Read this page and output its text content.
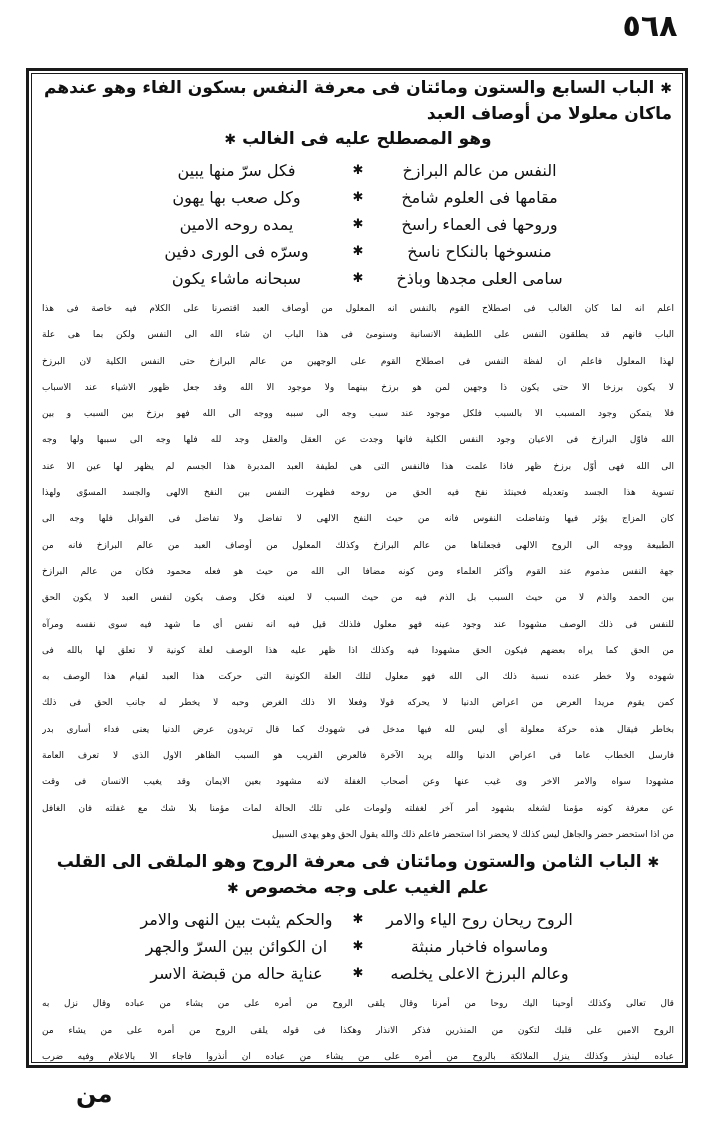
٥٦٨

✱ الباب السابع والستون ومائتان فى معرفة النفس بسكون الفاء وهو عندهم ماكان معلولا من أوصاف العبد

وهو المصطلح عليه فى الغالب ✱

النفس من عالم البرازخ
✱
فكل سرّ منها يبين
مقامها فى العلوم شامخ
✱
وكل صعب بها يهون
وروحها فى العماء راسخ
✱
يمده روحه الامين
منسوخها بالنكاح ناسخ
✱
وسرّه فى الورى دفين
سامى العلى مجدها وباذخ
✱
سبحانه ماشاء يكون
اعلم انه لما كان الغالب فى اصطلاح القوم بالنفس انه المعلول من أوصاف العبد اقتصرنا على الكلام فيه خاصة فى هذا
الباب فانهم قد يطلقون النفس على اللطيفة الانسانية وسنومئ فى هذا الباب ان شاء الله الى النفس ولكن بما هى علة
لهذا المعلول فاعلم ان لفظة النفس فى اصطلاح القوم على الوجهين من عالم البرازخ حتى النفس الكلية لان البرزخ
لا يكون برزخا الا حتى يكون ذا وجهين لمن هو برزخ بينهما ولا موجود الا الله وقد جعل ظهور الاشياء عند الاسباب
فلا يتمكن وجود المسبب الا بالسبب فلكل موجود عند سبب وجه الى سببه ووجه الى الله فهو برزخ بين السبب و بين
الله فاوّل البرازخ فى الاعيان وجود النفس الكلية فانها وجدت عن العقل والعقل وجد لله فلها وجه الى سببها ولها وجه
الى الله فهى أوّل برزخ ظهر فاذا علمت هذا فالنفس التى هى لطيفة العبد المدبرة هذا الجسم لم يظهر لها عين الا عند
تسوية هذا الجسد وتعديله فحينئذ نفخ فيه الحق من روحه فظهرت النفس بين النفخ الالهى والجسد المسوّى ولهذا
كان المزاج يؤثر فيها وتفاضلت النفوس فانه من حيث النفخ الالهى لا تفاضل ولا تفاضل فى القوابل فلها وجه الى
الطبيعة ووجه الى الروح الالهى فجعلناها من عالم البرازخ وكذلك المعلول من أوصاف العبد من عالم البرازخ فانه من
جهة النفس مذموم عند القوم وأكثر العلماء ومن كونه مضافا الى الله من حيث هو فعله محمود فكان من عالم البرازخ
بين الحمد والذم لا من حيث السبب بل الذم فيه من حيث السبب لا لعينه فكل وصف يكون لنفس العبد لا يكون الحق
للنفس فى ذلك الوصف مشهودا عند وجود عينه فهو معلول فلذلك قيل فيه انه نفس أى ما شهد فيه سوى نفسه ومرآه
من الحق كما يراه بعضهم فيكون الحق مشهودا فيه وكذلك اذا ظهر عليه هذا الوصف لعلة كونية لا تعلق لها بالله فى
شهوده ولا خطر عنده نسبة ذلك الى الله فهو معلول لتلك العلة الكونية التى حركت هذا العبد لقيام هذا الوصف به
كمن يقوم مريدا العرض من اعراض الدنيا لا يحركه قولا وفعلا الا ذلك الغرض وحبه لا يخطر له جانب الحق فى ذلك
بخاطر فيقال هذه حركة معلولة أى ليس لله فيها مدخل فى شهودك كما قال تريدون عرض الدنيا يعنى فداء أسارى بدر
فارسل الخطاب عاما فى اعراض الدنيا والله يريد الآخرة فالعرض القريب هو السبب الظاهر الاول الذى لا تعرف العامة
مشهودا سواه والامر الاخر وى غيب عنها وعن أصحاب الغفلة لانه مشهود بعين الايمان وقد يغيب الانسان فى وقت
عن معرفة كونه مؤمنا لشغله بشهود أمر آخر لغفلته ولومات على تلك الحالة لمات مؤمنا بلا شك مع غفلته فان الغافل
من اذا استحضر حضر والجاهل ليس كذلك لا يحضر اذا استحضر فاعلم ذلك والله يقول الحق وهو يهدى السبيل

✱ الباب الثامن والستون ومائتان فى معرفة الروح وهو الملقى الى القلب علم الغيب على وجه مخصوص ✱

الروح ريحان روح الياء والامر
✱
والحكم يثبت بين النهى والامر
وماسواه فاخبار منبثة
✱
ان الكوائن بين السرّ والجهر
وعالم البرزخ الاعلى يخلصه
✱
عناية حاله من قبضة الاسر
قال تعالى وكذلك أوحينا اليك روحا من أمرنا وقال يلقى الروح من أمره على من يشاء من عباده وقال نزل به
الروح الامين على قلبك لتكون من المنذرين فذكر الانذار وهكذا فى قوله يلقى الروح من أمره على من يشاء من
عباده لينذر وكذلك ينزل الملائكة بالروح من أمره على من يشاء من عباده ان أنذروا فاجاء الا بالاعلام وفيه ضرب
من
